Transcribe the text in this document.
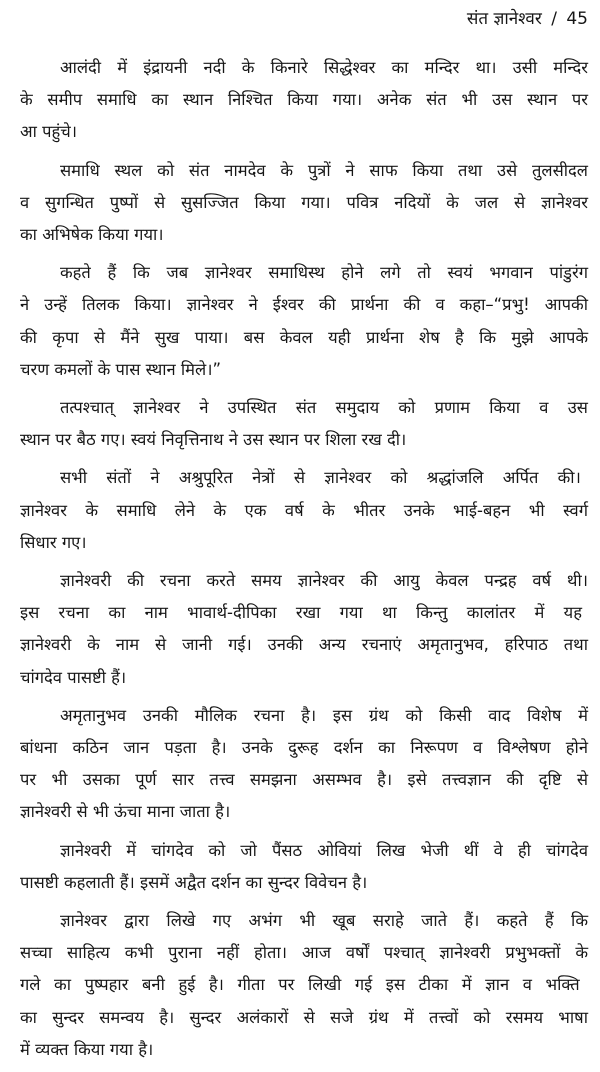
संत ज्ञानेश्वर / 45

आलंदी में इंद्रायनी नदी के किनारे सिद्धेश्वर का मन्दिर था। उसी मन्दिर
के समीप समाधि का स्थान निश्चित किया गया। अनेक संत भी उस स्थान पर
आ पहुंचे।

समाधि स्थल को संत नामदेव के पुत्रों ने साफ किया तथा उसे तुलसीदल
व सुगन्धित पुष्पों से सुसज्जित किया गया। पवित्र नदियों के जल से ज्ञानेश्वर
का अभिषेक किया गया।

कहते हैं कि जब ज्ञानेश्वर समाधिस्थ होने लगे तो स्वयं भगवान पांडुरंग
ने उन्हें तिलक किया। ज्ञानेश्वर ने ईश्वर की प्रार्थना की व कहा–“प्रभु! आपकी
की कृपा से मैंने सुख पाया। बस केवल यही प्रार्थना शेष है कि मुझे आपके
चरण कमलों के पास स्थान मिले।”

तत्पश्चात् ज्ञानेश्वर ने उपस्थित संत समुदाय को प्रणाम किया व उस
स्थान पर बैठ गए। स्वयं निवृत्तिनाथ ने उस स्थान पर शिला रख दी।

सभी संतों ने अश्रुपूरित नेत्रों से ज्ञानेश्वर को श्रद्धांजलि अर्पित की।
ज्ञानेश्वर के समाधि लेने के एक वर्ष के भीतर उनके भाई-बहन भी स्वर्ग
सिधार गए।

ज्ञानेश्वरी की रचना करते समय ज्ञानेश्वर की आयु केवल पन्द्रह वर्ष थी।
इस रचना का नाम भावार्थ-दीपिका रखा गया था किन्तु कालांतर में यह
ज्ञानेश्वरी के नाम से जानी गई। उनकी अन्य रचनाएं अमृतानुभव, हरिपाठ तथा
चांगदेव पासष्टी हैं।

अमृतानुभव उनकी मौलिक रचना है। इस ग्रंथ को किसी वाद विशेष में
बांधना कठिन जान पड़ता है। उनके दुरूह दर्शन का निरूपण व विश्लेषण होने
पर भी उसका पूर्ण सार तत्त्व समझना असम्भव है। इसे तत्त्वज्ञान की दृष्टि से
ज्ञानेश्वरी से भी ऊंचा माना जाता है।

ज्ञानेश्वरी में चांगदेव को जो पैंसठ ओवियां लिख भेजी थीं वे ही चांगदेव
पासष्टी कहलाती हैं। इसमें अद्वैत दर्शन का सुन्दर विवेचन है।

ज्ञानेश्वर द्वारा लिखे गए अभंग भी खूब सराहे जाते हैं। कहते हैं कि
सच्चा साहित्य कभी पुराना नहीं होता। आज वर्षों पश्चात् ज्ञानेश्वरी प्रभुभक्तों के
गले का पुष्पहार बनी हुई है। गीता पर लिखी गई इस टीका में ज्ञान व भक्ति
का सुन्दर समन्वय है। सुन्दर अलंकारों से सजे ग्रंथ में तत्त्वों को रसमय भाषा
में व्यक्त किया गया है।
